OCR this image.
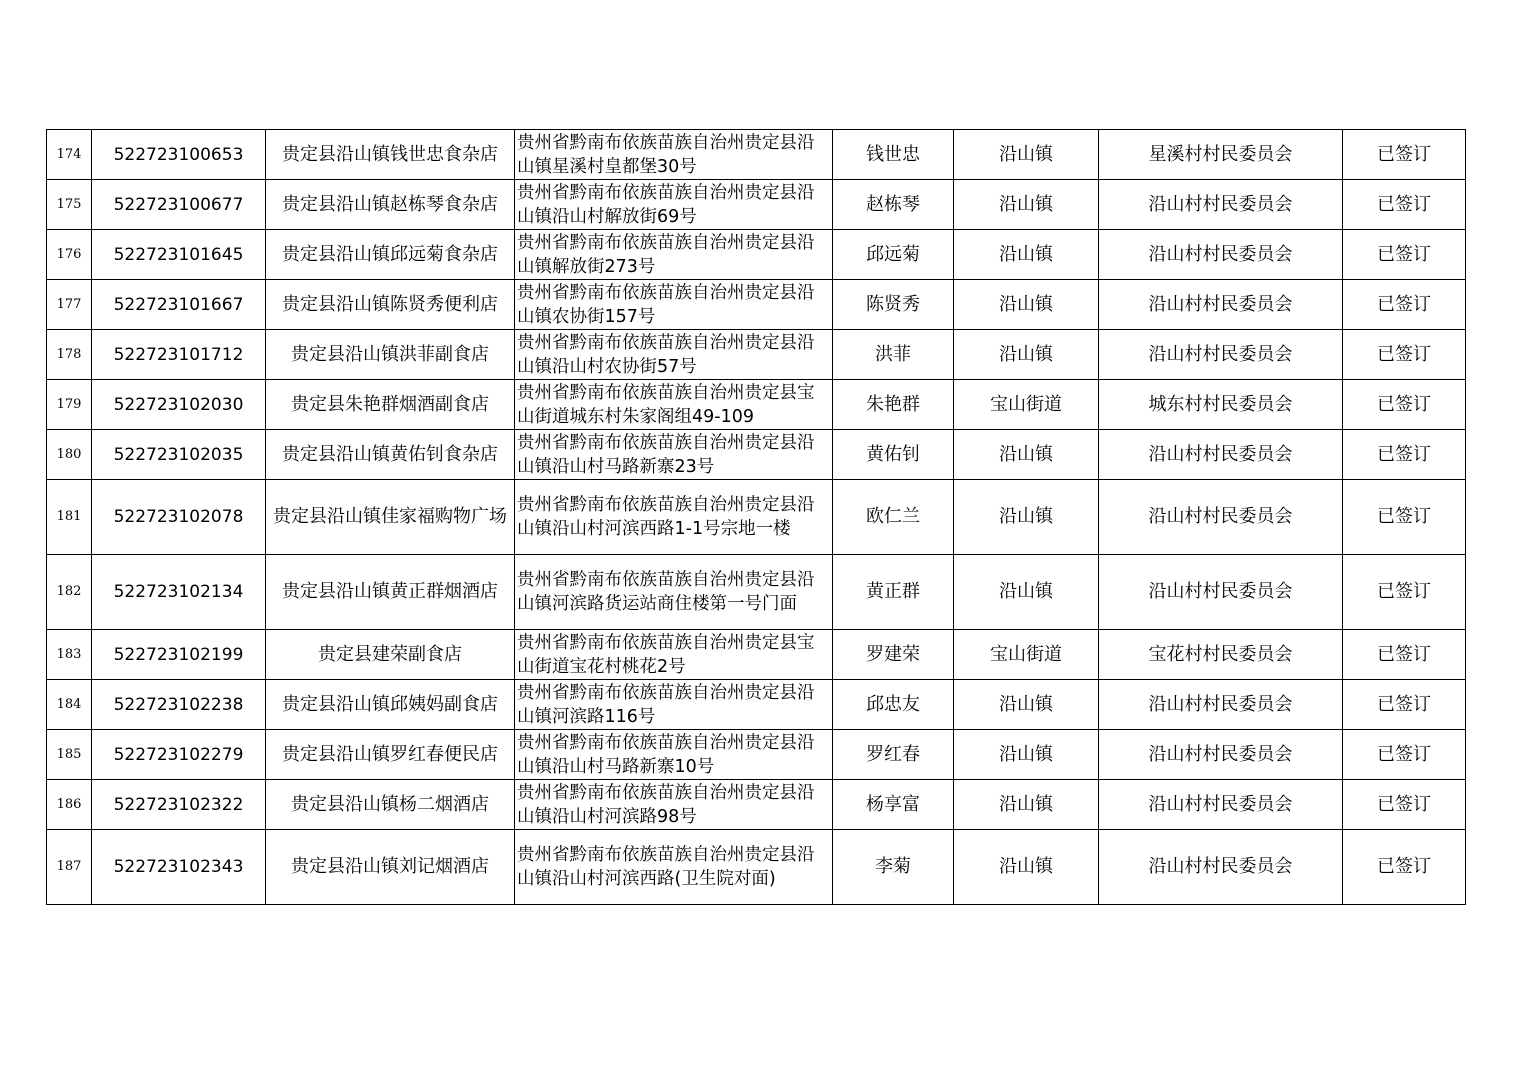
174	522723100653	贵定县沿山镇钱世忠食杂店	贵州省黔南布依族苗族自治州贵定县沿山镇星溪村皇都堡30号	钱世忠	沿山镇	星溪村村民委员会	已签订
175	522723100677	贵定县沿山镇赵栋琴食杂店	贵州省黔南布依族苗族自治州贵定县沿山镇沿山村解放街69号	赵栋琴	沿山镇	沿山村村民委员会	已签订
176	522723101645	贵定县沿山镇邱远菊食杂店	贵州省黔南布依族苗族自治州贵定县沿山镇解放街273号	邱远菊	沿山镇	沿山村村民委员会	已签订
177	522723101667	贵定县沿山镇陈贤秀便利店	贵州省黔南布依族苗族自治州贵定县沿山镇农协街157号	陈贤秀	沿山镇	沿山村村民委员会	已签订
178	522723101712	贵定县沿山镇洪菲副食店	贵州省黔南布依族苗族自治州贵定县沿山镇沿山村农协街57号	洪菲	沿山镇	沿山村村民委员会	已签订
179	522723102030	贵定县朱艳群烟酒副食店	贵州省黔南布依族苗族自治州贵定县宝山街道城东村朱家阁组49-109	朱艳群	宝山街道	城东村村民委员会	已签订
180	522723102035	贵定县沿山镇黄佑钊食杂店	贵州省黔南布依族苗族自治州贵定县沿山镇沿山村马路新寨23号	黄佑钊	沿山镇	沿山村村民委员会	已签订
181	522723102078	贵定县沿山镇佳家福购物广场	贵州省黔南布依族苗族自治州贵定县沿山镇沿山村河滨西路1-1号宗地一楼	欧仁兰	沿山镇	沿山村村民委员会	已签订
182	522723102134	贵定县沿山镇黄正群烟酒店	贵州省黔南布依族苗族自治州贵定县沿山镇河滨路货运站商住楼第一号门面	黄正群	沿山镇	沿山村村民委员会	已签订
183	522723102199	贵定县建荣副食店	贵州省黔南布依族苗族自治州贵定县宝山街道宝花村桃花2号	罗建荣	宝山街道	宝花村村民委员会	已签订
184	522723102238	贵定县沿山镇邱姨妈副食店	贵州省黔南布依族苗族自治州贵定县沿山镇河滨路116号	邱忠友	沿山镇	沿山村村民委员会	已签订
185	522723102279	贵定县沿山镇罗红春便民店	贵州省黔南布依族苗族自治州贵定县沿山镇沿山村马路新寨10号	罗红春	沿山镇	沿山村村民委员会	已签订
186	522723102322	贵定县沿山镇杨二烟酒店	贵州省黔南布依族苗族自治州贵定县沿山镇沿山村河滨路98号	杨享富	沿山镇	沿山村村民委员会	已签订
187	522723102343	贵定县沿山镇刘记烟酒店	贵州省黔南布依族苗族自治州贵定县沿山镇沿山村河滨西路(卫生院对面)	李菊	沿山镇	沿山村村民委员会	已签订
